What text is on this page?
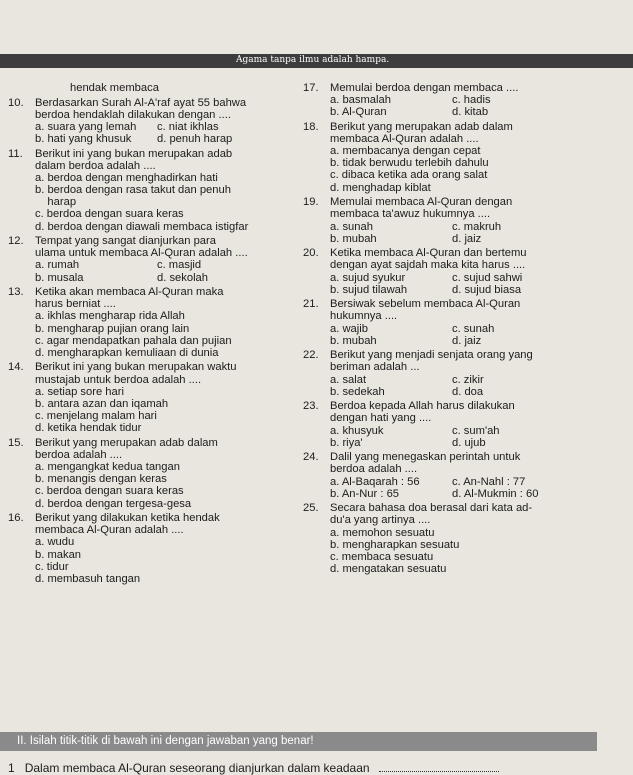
Agama tanpa ilmu adalah hampa.
hendak membaca
10. Berdasarkan Surah Al-A'raf ayat 55 bahwa
berdoa hendaklah dilakukan dengan ....
a. suara yang lemah	c. niat ikhlas
b. hati yang khusuk	d. penuh harap
11. Berikut ini yang bukan merupakan adab
dalam berdoa adalah ....
a. berdoa dengan menghadirkan hati
b. berdoa dengan rasa takut dan penuh
harap
c. berdoa dengan suara keras
d. berdoa dengan diawali membaca istigfar
12. Tempat yang sangat dianjurkan para
ulama untuk membaca Al-Quran adalah ....
a. rumah	c. masjid
b. musala	d. sekolah
13. Ketika akan membaca Al-Quran maka
harus berniat ....
a. ikhlas mengharap rida Allah
b. mengharap pujian orang lain
c. agar mendapatkan pahala dan pujian
d. mengharapkan kemuliaan di dunia
14. Berikut ini yang bukan merupakan waktu
mustajab untuk berdoa adalah ....
a. setiap sore hari
b. antara azan dan iqamah
c. menjelang malam hari
d. ketika hendak tidur
15. Berikut yang merupakan adab dalam
berdoa adalah ....
a. mengangkat kedua tangan
b. menangis dengan keras
c. berdoa dengan suara keras
d. berdoa dengan tergesa-gesa
16. Berikut yang dilakukan ketika hendak
membaca Al-Quran adalah ....
a. wudu
b. makan
c. tidur
d. membasuh tangan
17. Memulai berdoa dengan membaca ....
a. basmalah	c. hadis
b. Al-Quran	d. kitab
18. Berikut yang merupakan adab dalam
membaca Al-Quran adalah ....
a. membacanya dengan cepat
b. tidak berwudu terlebih dahulu
c. dibaca ketika ada orang salat
d. menghadap kiblat
19. Memulai membaca Al-Quran dengan
membaca ta'awuz hukumnya ....
a. sunah	c. makruh
b. mubah	d. jaiz
20. Ketika membaca Al-Quran dan bertemu
dengan ayat sajdah maka kita harus ....
a. sujud syukur	c. sujud sahwi
b. sujud tilawah	d. sujud biasa
21. Bersiwak sebelum membaca Al-Quran
hukumnya ....
a. wajib	c. sunah
b. mubah	d. jaiz
22. Berikut yang menjadi senjata orang yang
beriman adalah ...
a. salat	c. zikir
b. sedekah	d. doa
23. Berdoa kepada Allah harus dilakukan
dengan hati yang ....
a. khusyuk	c. sum'ah
b. riya'	d. ujub
24. Dalil yang menegaskan perintah untuk
berdoa adalah ....
a. Al-Baqarah : 56	c. An-Nahl : 77
b. An-Nur : 65	d. Al-Mukmin : 60
25. Secara bahasa doa berasal dari kata ad-
du'a yang artinya ....
a. memohon sesuatu
b. mengharapkan sesuatu
c. membaca sesuatu
d. mengatakan sesuatu
II. Isilah titik-titik di bawah ini dengan jawaban yang benar!
1 Dalam membaca Al-Quran seseorang dianjurkan dalam keadaan
